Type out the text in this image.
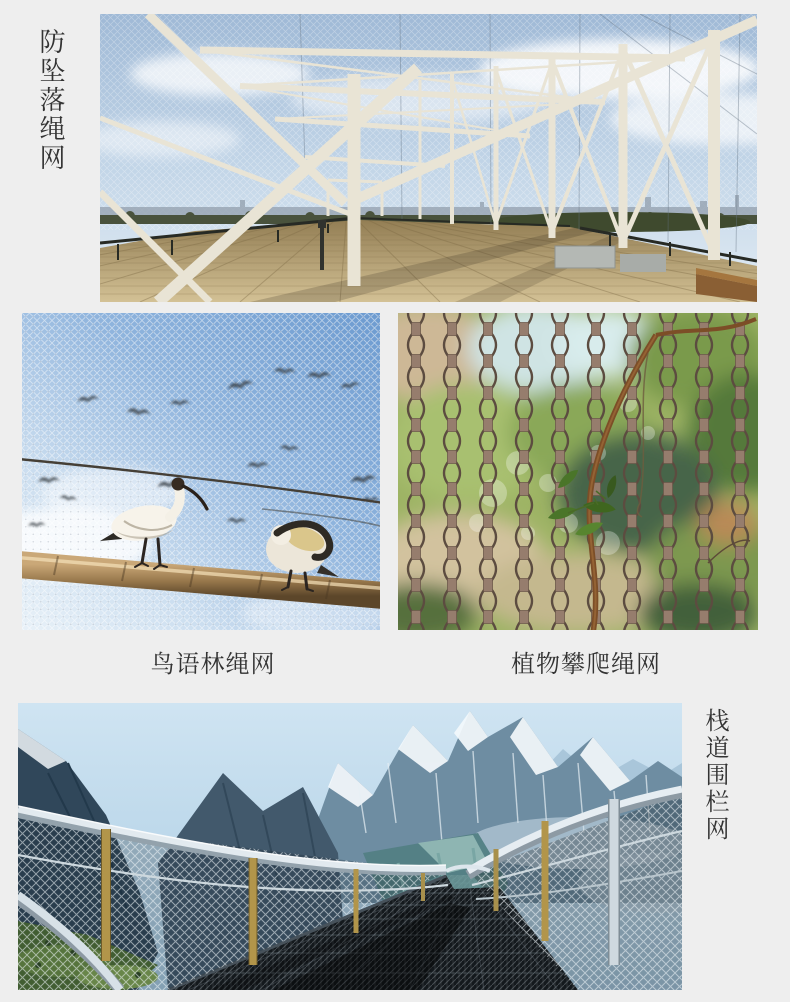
防坠落绳网
鸟语林绳网	植物攀爬绳网
栈道围栏网
